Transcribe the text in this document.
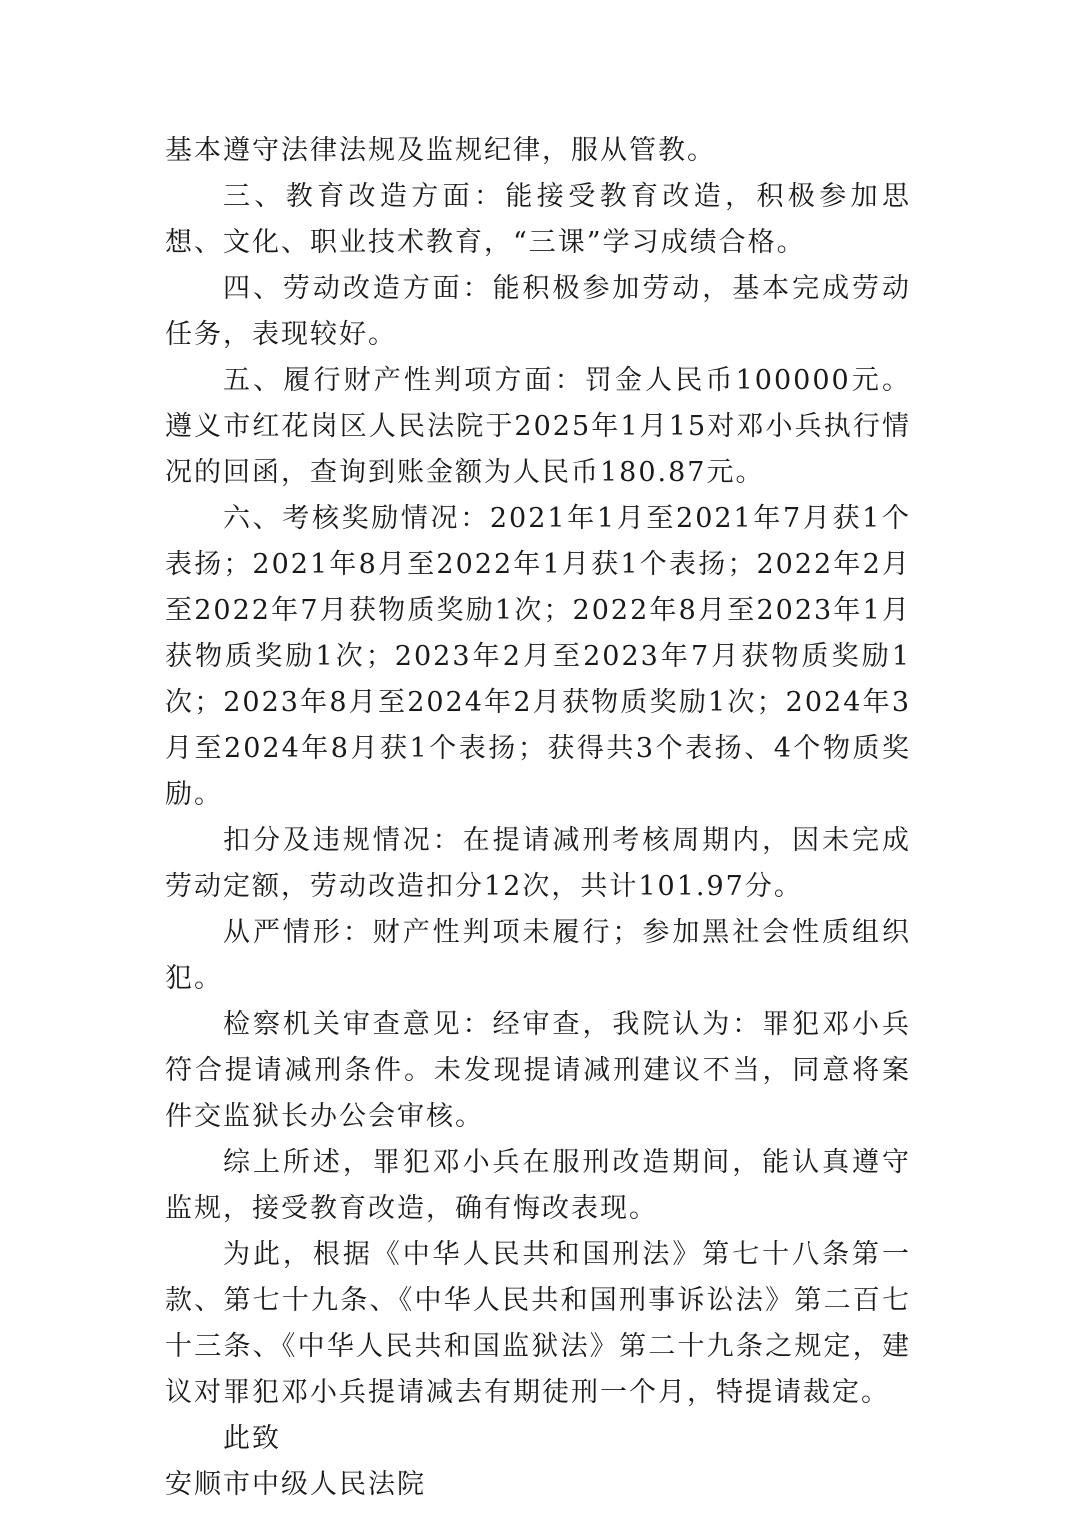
基本遵守法律法规及监规纪律，服从管教。

三、教育改造方面：能接受教育改造，积极参加思想、文化、职业技术教育，“三课”学习成绩合格。

四、劳动改造方面：能积极参加劳动，基本完成劳动任务，表现较好。

五、履行财产性判项方面：罚金人民币100000元。遵义市红花岗区人民法院于2025年1月15对邓小兵执行情况的回函，查询到账金额为人民币180.87元。

六、考核奖励情况：2021年1月至2021年7月获1个表扬；2021年8月至2022年1月获1个表扬；2022年2月至2022年7月获物质奖励1次；2022年8月至2023年1月获物质奖励1次；2023年2月至2023年7月获物质奖励1次；2023年8月至2024年2月获物质奖励1次；2024年3月至2024年8月获1个表扬；获得共3个表扬、4个物质奖励。

扣分及违规情况：在提请减刑考核周期内，因未完成劳动定额，劳动改造扣分12次，共计101.97分。

从严情形：财产性判项未履行；参加黑社会性质组织犯。

检察机关审查意见：经审查，我院认为：罪犯邓小兵符合提请减刑条件。未发现提请减刑建议不当，同意将案件交监狱长办公会审核。

综上所述，罪犯邓小兵在服刑改造期间，能认真遵守监规，接受教育改造，确有悔改表现。

为此，根据《中华人民共和国刑法》第七十八条第一款、第七十九条、《中华人民共和国刑事诉讼法》第二百七十三条、《中华人民共和国监狱法》第二十九条之规定，建议对罪犯邓小兵提请减去有期徒刑一个月，特提请裁定。

此致

安顺市中级人民法院
